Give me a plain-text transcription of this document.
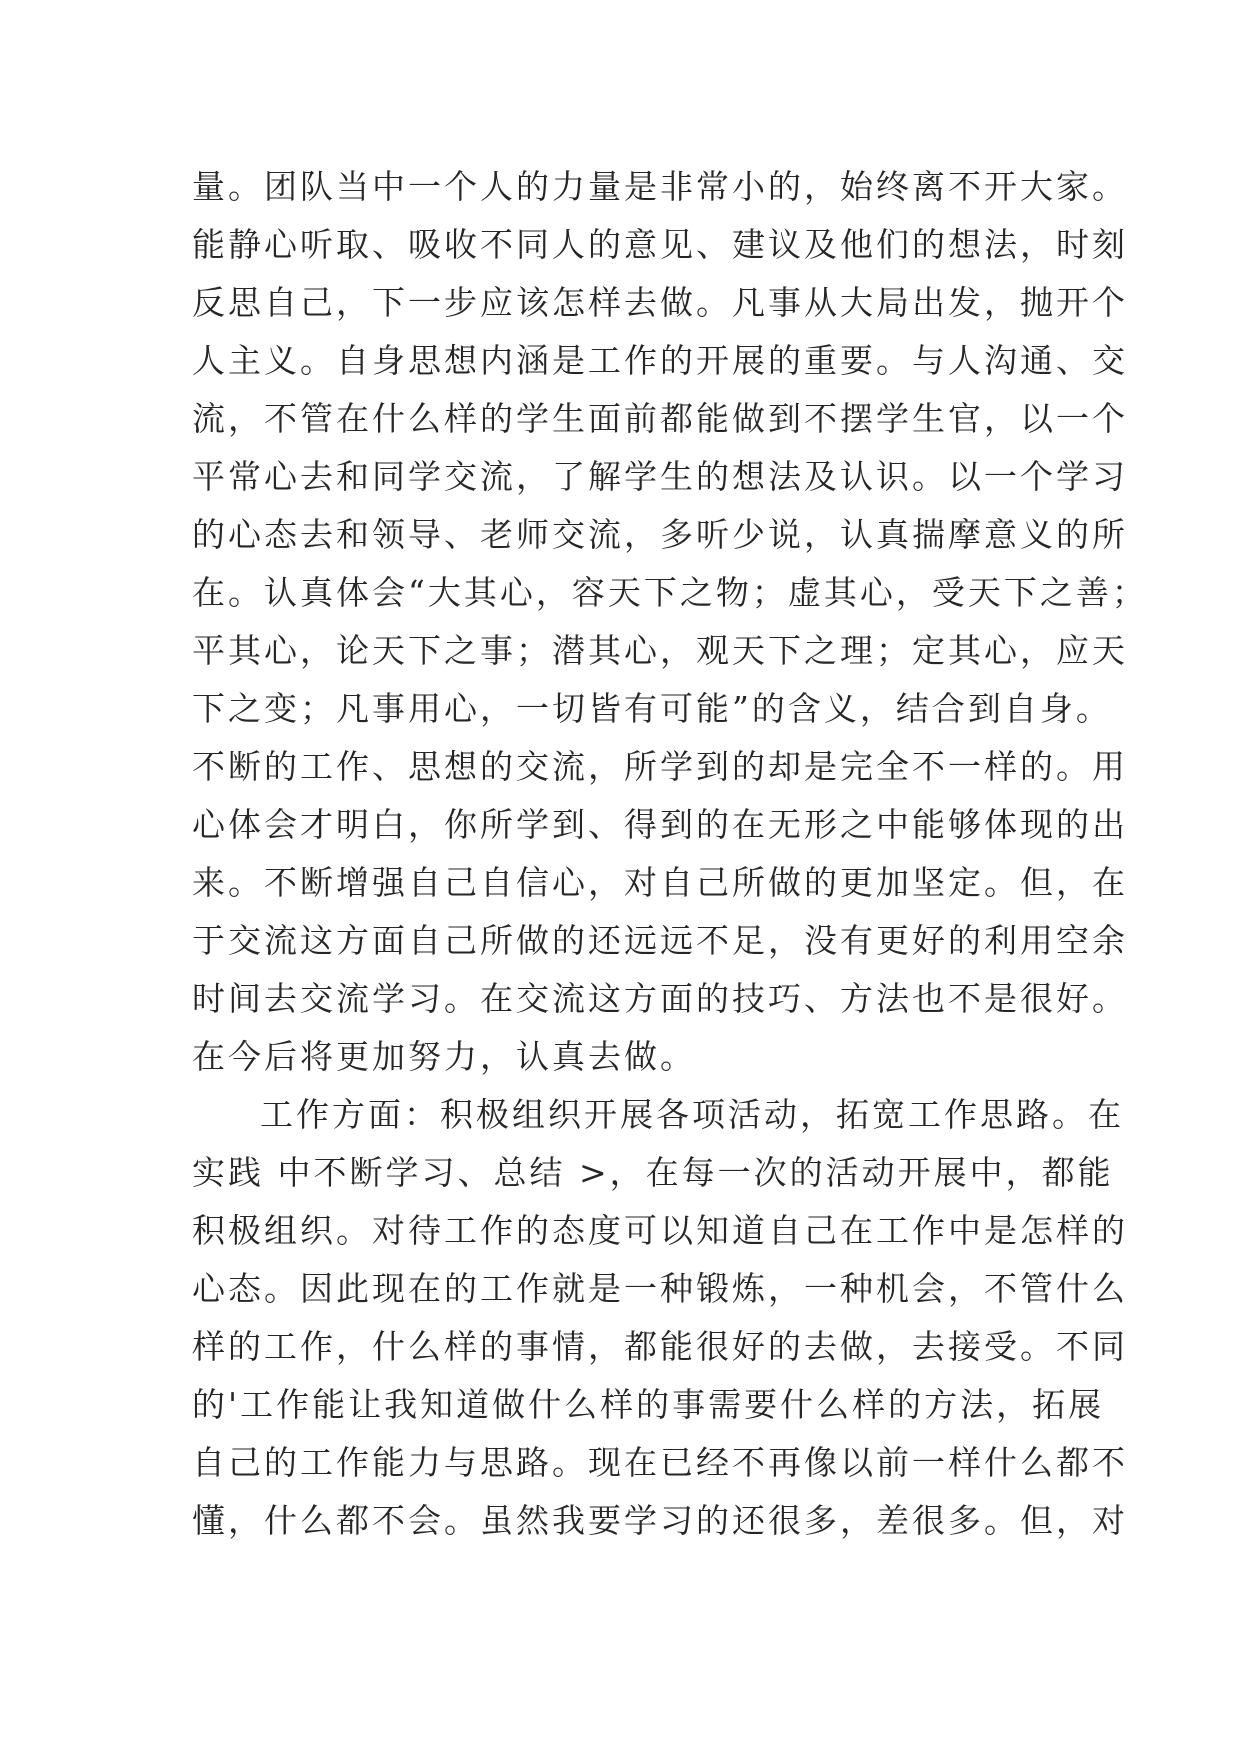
量。团队当中一个人的力量是非常小的，始终离不开大家。
能静心听取、吸收不同人的意见、建议及他们的想法，时刻
反思自己，下一步应该怎样去做。凡事从大局出发，抛开个
人主义。自身思想内涵是工作的开展的重要。与人沟通、交
流，不管在什么样的学生面前都能做到不摆学生官，以一个
平常心去和同学交流，了解学生的想法及认识。以一个学习
的心态去和领导、老师交流，多听少说，认真揣摩意义的所
在。认真体会“大其心，容天下之物；虚其心，受天下之善；
平其心，论天下之事；潜其心，观天下之理；定其心，应天
下之变；凡事用心，一切皆有可能”的含义，结合到自身。
不断的工作、思想的交流，所学到的却是完全不一样的。用
心体会才明白，你所学到、得到的在无形之中能够体现的出
来。不断增强自己自信心，对自己所做的更加坚定。但，在
于交流这方面自己所做的还远远不足，没有更好的利用空余
时间去交流学习。在交流这方面的技巧、方法也不是很好。
在今后将更加努力，认真去做。
工作方面：积极组织开展各项活动，拓宽工作思路。在
实践 中不断学习、总结 >，在每一次的活动开展中，都能
积极组织。对待工作的态度可以知道自己在工作中是怎样的
心态。因此现在的工作就是一种锻炼，一种机会，不管什么
样的工作，什么样的事情，都能很好的去做，去接受。不同
的'工作能让我知道做什么样的事需要什么样的方法，拓展
自己的工作能力与思路。现在已经不再像以前一样什么都不
懂，什么都不会。虽然我要学习的还很多，差很多。但，对
